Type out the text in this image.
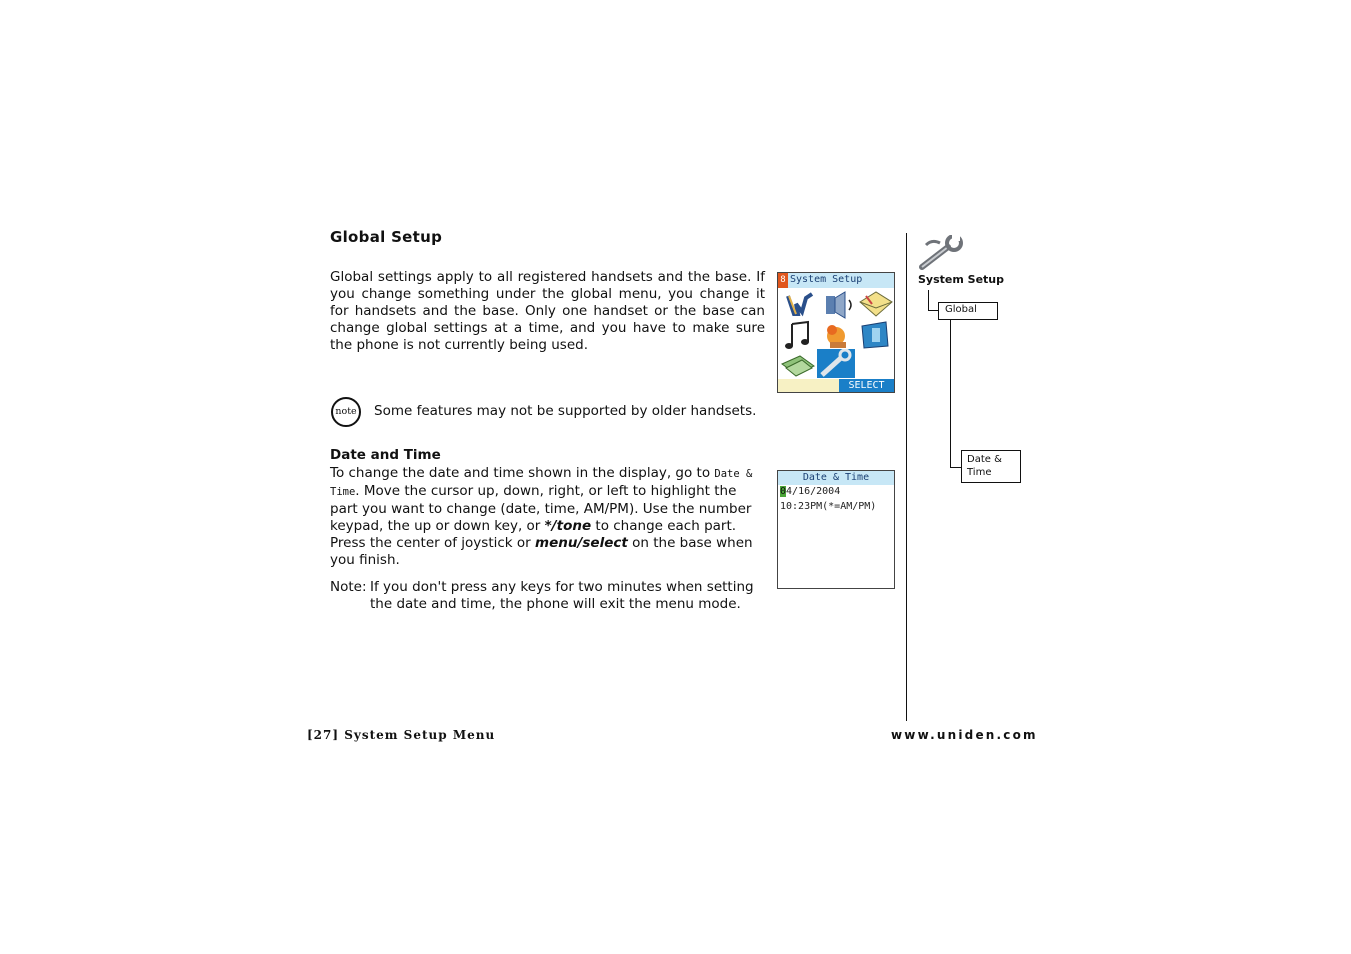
Global Setup
Global settings apply to all registered handsets and the base. If you change something under the global menu, you change it for handsets and the base. Only one handset or the base can change global settings at a time, and you have to make sure the phone is not currently being used.
8 System Setup
SELECT
note	Some features may not be supported by older handsets.
Date and Time
To change the date and time shown in the display, go to Date & Time. Move the cursor up, down, right, or left to highlight the part you want to change (date, time, AM/PM). Use the number keypad, the up or down key, or */tone to change each part. Press the center of joystick or menu/select on the base when you finish.
Note: If you don't press any keys for two minutes when setting
the date and time, the phone will exit the menu mode.
Date & Time
04/16/2004
10:23PM(*=AM/PM)
System Setup
Global
Date &
Time
[27] System Setup Menu	www.uniden.com
